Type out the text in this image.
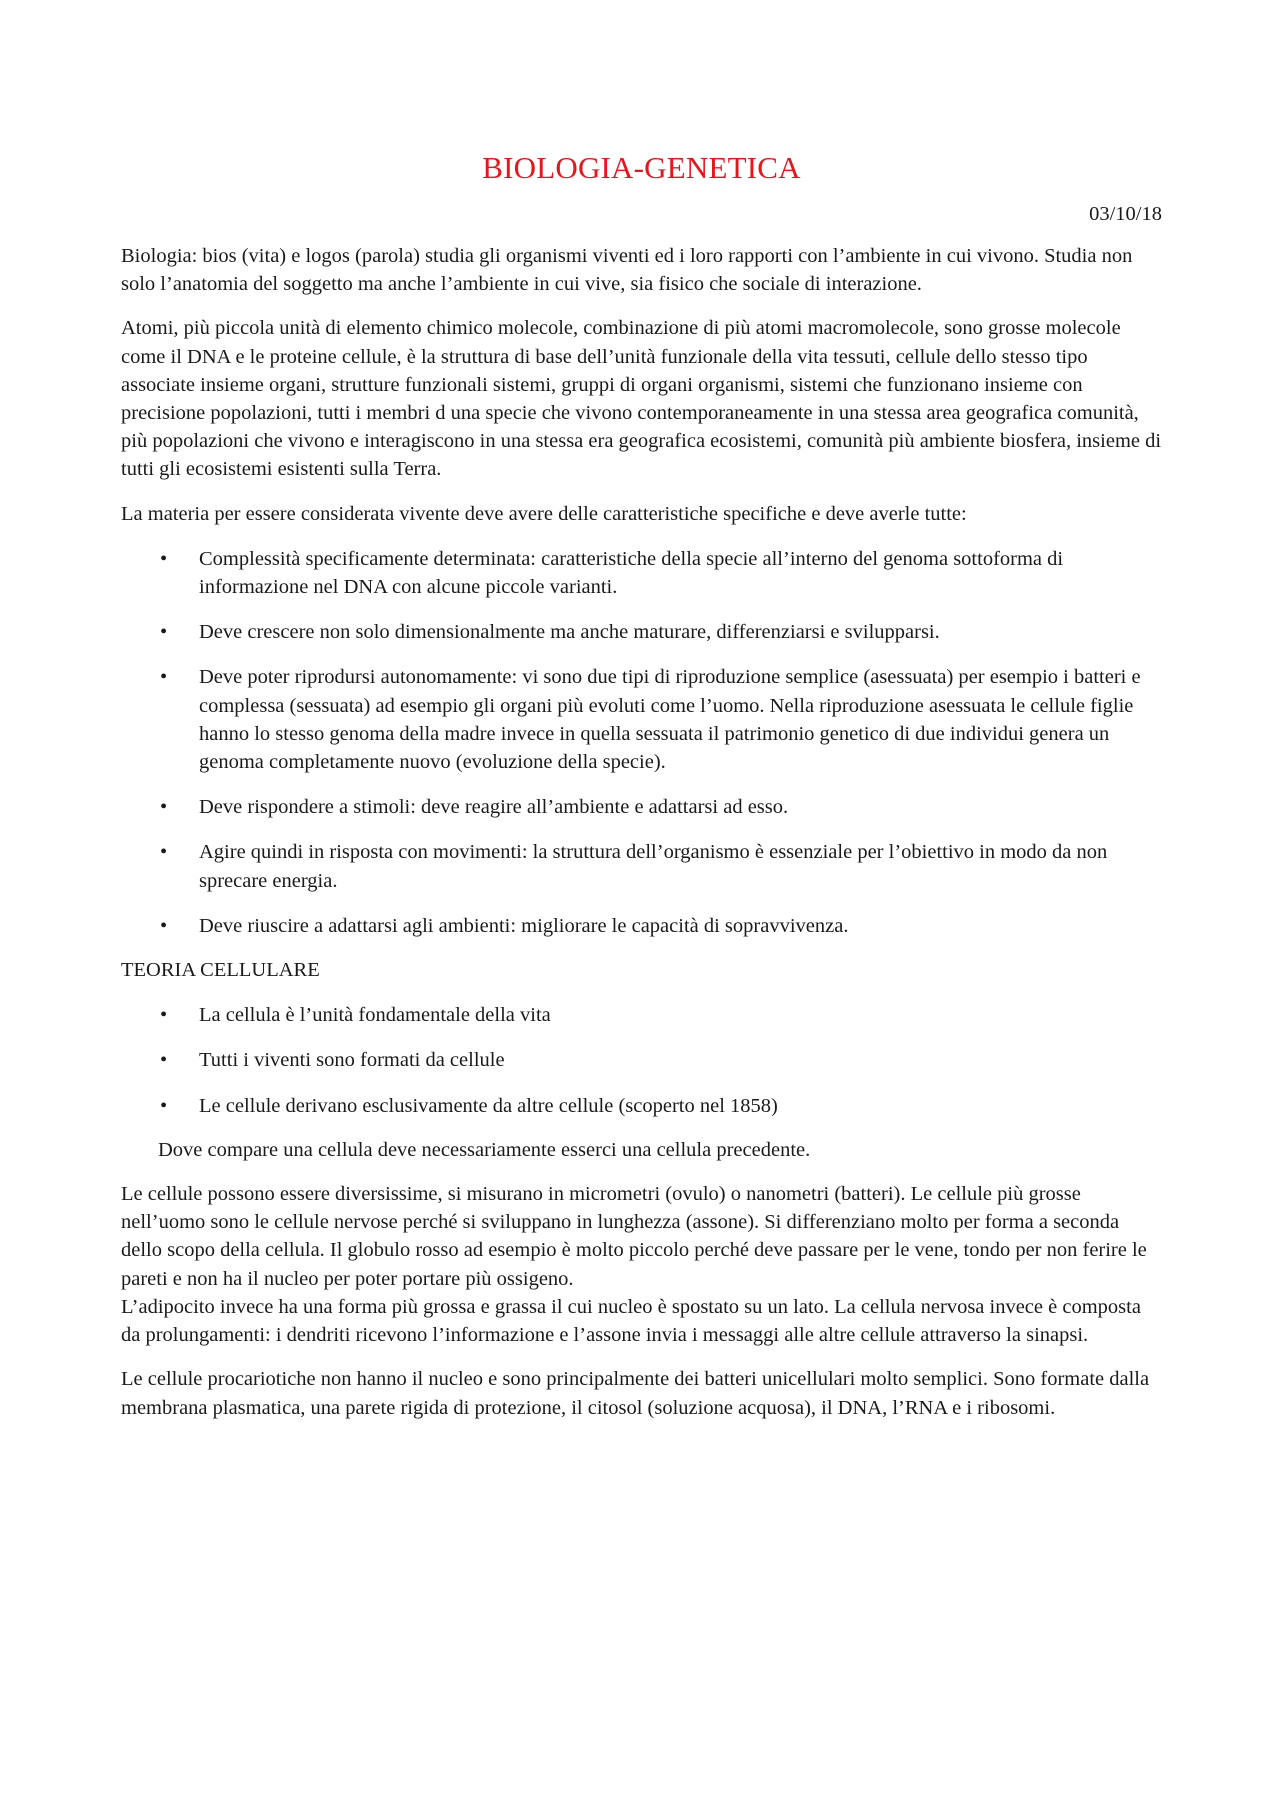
BIOLOGIA-GENETICA
03/10/18

Biologia: bios (vita) e logos (parola) studia gli organismi viventi ed i loro rapporti con l’ambiente in cui vivono. Studia non solo l’anatomia del soggetto ma anche l’ambiente in cui vive, sia fisico che sociale di interazione.

Atomi, più piccola unità di elemento chimico molecole, combinazione di più atomi macromolecole, sono grosse molecole come il DNA e le proteine cellule, è la struttura di base dell’unità funzionale della vita tessuti, cellule dello stesso tipo associate insieme organi, strutture funzionali sistemi, gruppi di organi organismi, sistemi che funzionano insieme con precisione popolazioni, tutti i membri d una specie che vivono contemporaneamente in una stessa area geografica comunità, più popolazioni che vivono e interagiscono in una stessa era geografica ecosistemi, comunità più ambiente biosfera, insieme di tutti gli ecosistemi esistenti sulla Terra.

La materia per essere considerata vivente deve avere delle caratteristiche specifiche e deve averle tutte:

• Complessità specificamente determinata: caratteristiche della specie all’interno del genoma sottoforma di informazione nel DNA con alcune piccole varianti.
• Deve crescere non solo dimensionalmente ma anche maturare, differenziarsi e svilupparsi.
• Deve poter riprodursi autonomamente: vi sono due tipi di riproduzione semplice (asessuata) per esempio i batteri e complessa (sessuata) ad esempio gli organi più evoluti come l’uomo. Nella riproduzione asessuata le cellule figlie hanno lo stesso genoma della madre invece in quella sessuata il patrimonio genetico di due individui genera un genoma completamente nuovo (evoluzione della specie).
• Deve rispondere a stimoli: deve reagire all’ambiente e adattarsi ad esso.
• Agire quindi in risposta con movimenti: la struttura dell’organismo è essenziale per l’obiettivo in modo da non sprecare energia.
• Deve riuscire a adattarsi agli ambienti: migliorare le capacità di sopravvivenza.
TEORIA CELLULARE
• La cellula è l’unità fondamentale della vita
• Tutti i viventi sono formati da cellule
• Le cellule derivano esclusivamente da altre cellule (scoperto nel 1858)

Dove compare una cellula deve necessariamente esserci una cellula precedente.

Le cellule possono essere diversissime, si misurano in micrometri (ovulo) o nanometri (batteri). Le cellule più grosse nell’uomo sono le cellule nervose perché si sviluppano in lunghezza (assone). Si differenziano molto per forma a seconda dello scopo della cellula. Il globulo rosso ad esempio è molto piccolo perché deve passare per le vene, tondo per non ferire le pareti e non ha il nucleo per poter portare più ossigeno.

L’adipocito invece ha una forma più grossa e grassa il cui nucleo è spostato su un lato. La cellula nervosa invece è composta da prolungamenti: i dendriti ricevono l’informazione e l’assone invia i messaggi alle altre cellule attraverso la sinapsi.

Le cellule procariotiche non hanno il nucleo e sono principalmente dei batteri unicellulari molto semplici. Sono formate dalla membrana plasmatica, una parete rigida di protezione, il citosol (soluzione acquosa), il DNA, l’RNA e i ribosomi.
